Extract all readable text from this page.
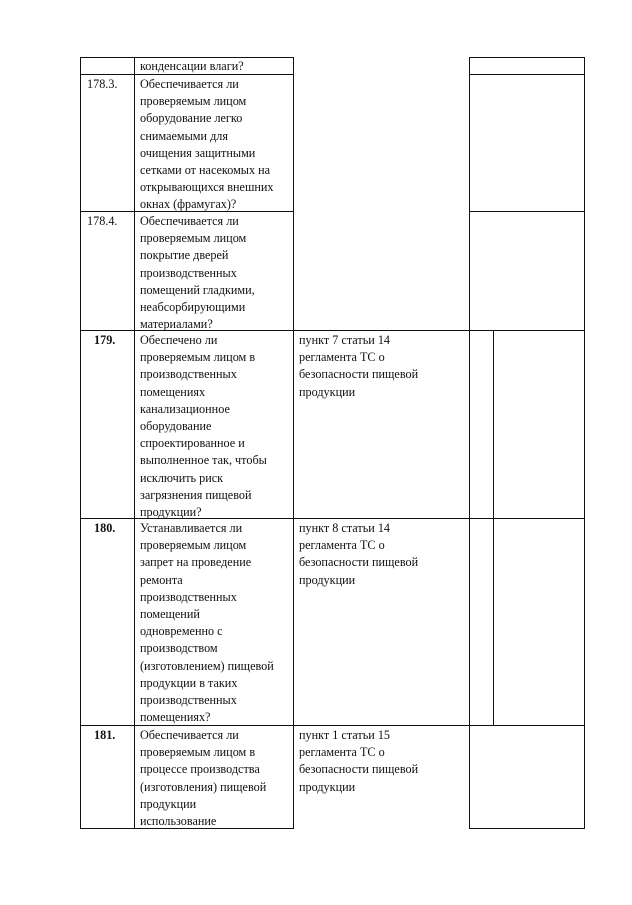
конденсации влаги?
178.3. Обеспечивается ли
проверяемым лицом
оборудование легко
снимаемыми для
очищения защитными
сетками от насекомых на
открывающихся внешних
окнах (фрамугах)?
178.4. Обеспечивается ли
проверяемым лицом
покрытие дверей
производственных
помещений гладкими,
неабсорбирующими
материалами?
179. Обеспечено ли
проверяемым лицом в
производственных
помещениях
канализационное
оборудование
спроектированное и
выполненное так, чтобы
исключить риск
загрязнения пищевой
продукции?
пункт 7 статьи 14
регламента ТС о
безопасности пищевой
продукции
180. Устанавливается ли
проверяемым лицом
запрет на проведение
ремонта
производственных
помещений
одновременно с
производством
(изготовлением) пищевой
продукции в таких
производственных
помещениях?
пункт 8 статьи 14
регламента ТС о
безопасности пищевой
продукции
181. Обеспечивается ли
проверяемым лицом в
процессе производства
(изготовления) пищевой
продукции
использование
пункт 1 статьи 15
регламента ТС о
безопасности пищевой
продукции
